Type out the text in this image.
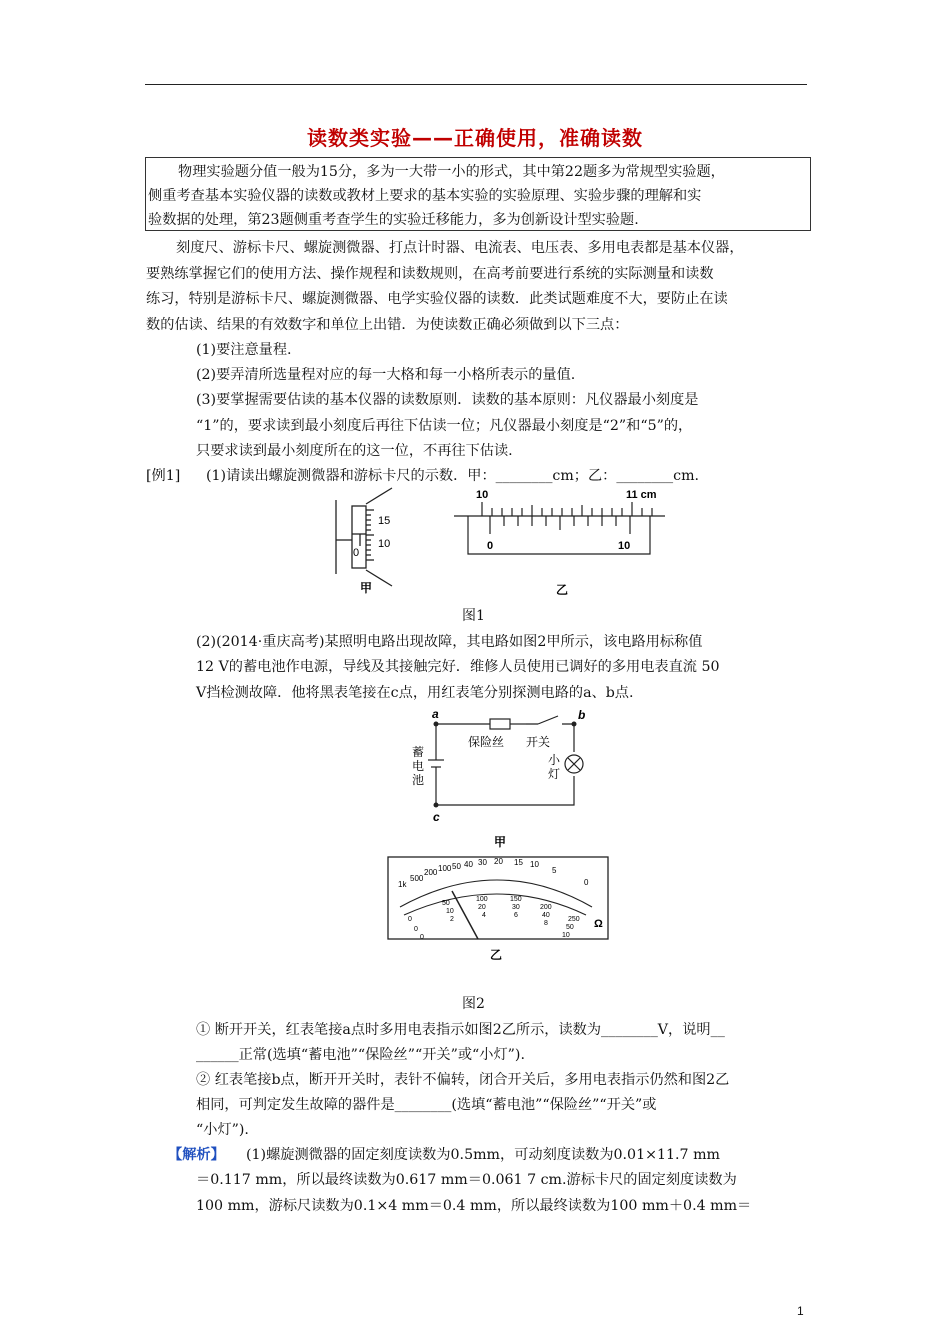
读数类实验——正确使用，准确读数
物理实验题分值一般为15分，多为一大带一小的形式，其中第22题多为常规型实验题，
侧重考查基本实验仪器的读数或教材上要求的基本实验的实验原理、实验步骤的理解和实
验数据的处理，第23题侧重考查学生的实验迁移能力，多为创新设计型实验题.
刻度尺、游标卡尺、螺旋测微器、打点计时器、电流表、电压表、多用电表都是基本仪器，
要熟练掌握它们的使用方法、操作规程和读数规则，在高考前要进行系统的实际测量和读数
练习，特别是游标卡尺、螺旋测微器、电学实验仪器的读数．此类试题难度不大，要防止在读
数的估读、结果的有效数字和单位上出错．为使读数正确必须做到以下三点：
(1)要注意量程.
(2)要弄清所选量程对应的每一大格和每一小格所表示的量值.
(3)要掌握需要估读的基本仪器的读数原则．读数的基本原则：凡仪器最小刻度是
“1”的，要求读到最小刻度后再往下估读一位；凡仪器最小刻度是“2”和“5”的，
只要求读到最小刻度所在的这一位，不再往下估读.
[例1] (1)请读出螺旋测微器和游标卡尺的示数．甲：________cm；乙：________cm.
15
10
0
甲
10	11 cm
0	10
乙
图1
(2)(2014·重庆高考)某照明电路出现故障，其电路如图2甲所示，该电路用标称值
12 V的蓄电池作电源，导线及其接触完好．维修人员使用已调好的多用电表直流 50
V挡检测故障．他将黑表笔接在c点，用红表笔分别探测电路的a、b点.
a	b
c
保险丝 开关
蓄
电
池
小
灯
甲
1k
500
200 100 50 40 30 20 15 10
5
0
0
50
100	150
200
250
0
10
20	30
40
50
0
2
4	6
8
10
Ω
乙
图2
① 断开开关，红表笔接a点时多用电表指示如图2乙所示，读数为________V，说明__
______正常(选填“蓄电池”“保险丝”“开关”或“小灯”).
② 红表笔接b点，断开开关时，表针不偏转，闭合开关后，多用电表指示仍然和图2乙
相同，可判定发生故障的器件是________(选填“蓄电池”“保险丝”“开关”或
“小灯”).
【解析】 (1)螺旋测微器的固定刻度读数为0.5mm，可动刻度读数为0.01×11.7 mm
＝0.117 mm，所以最终读数为0.617 mm＝0.061 7 cm.游标卡尺的固定刻度读数为
100 mm，游标尺读数为0.1×4 mm＝0.4 mm，所以最终读数为100 mm＋0.4 mm＝
1
